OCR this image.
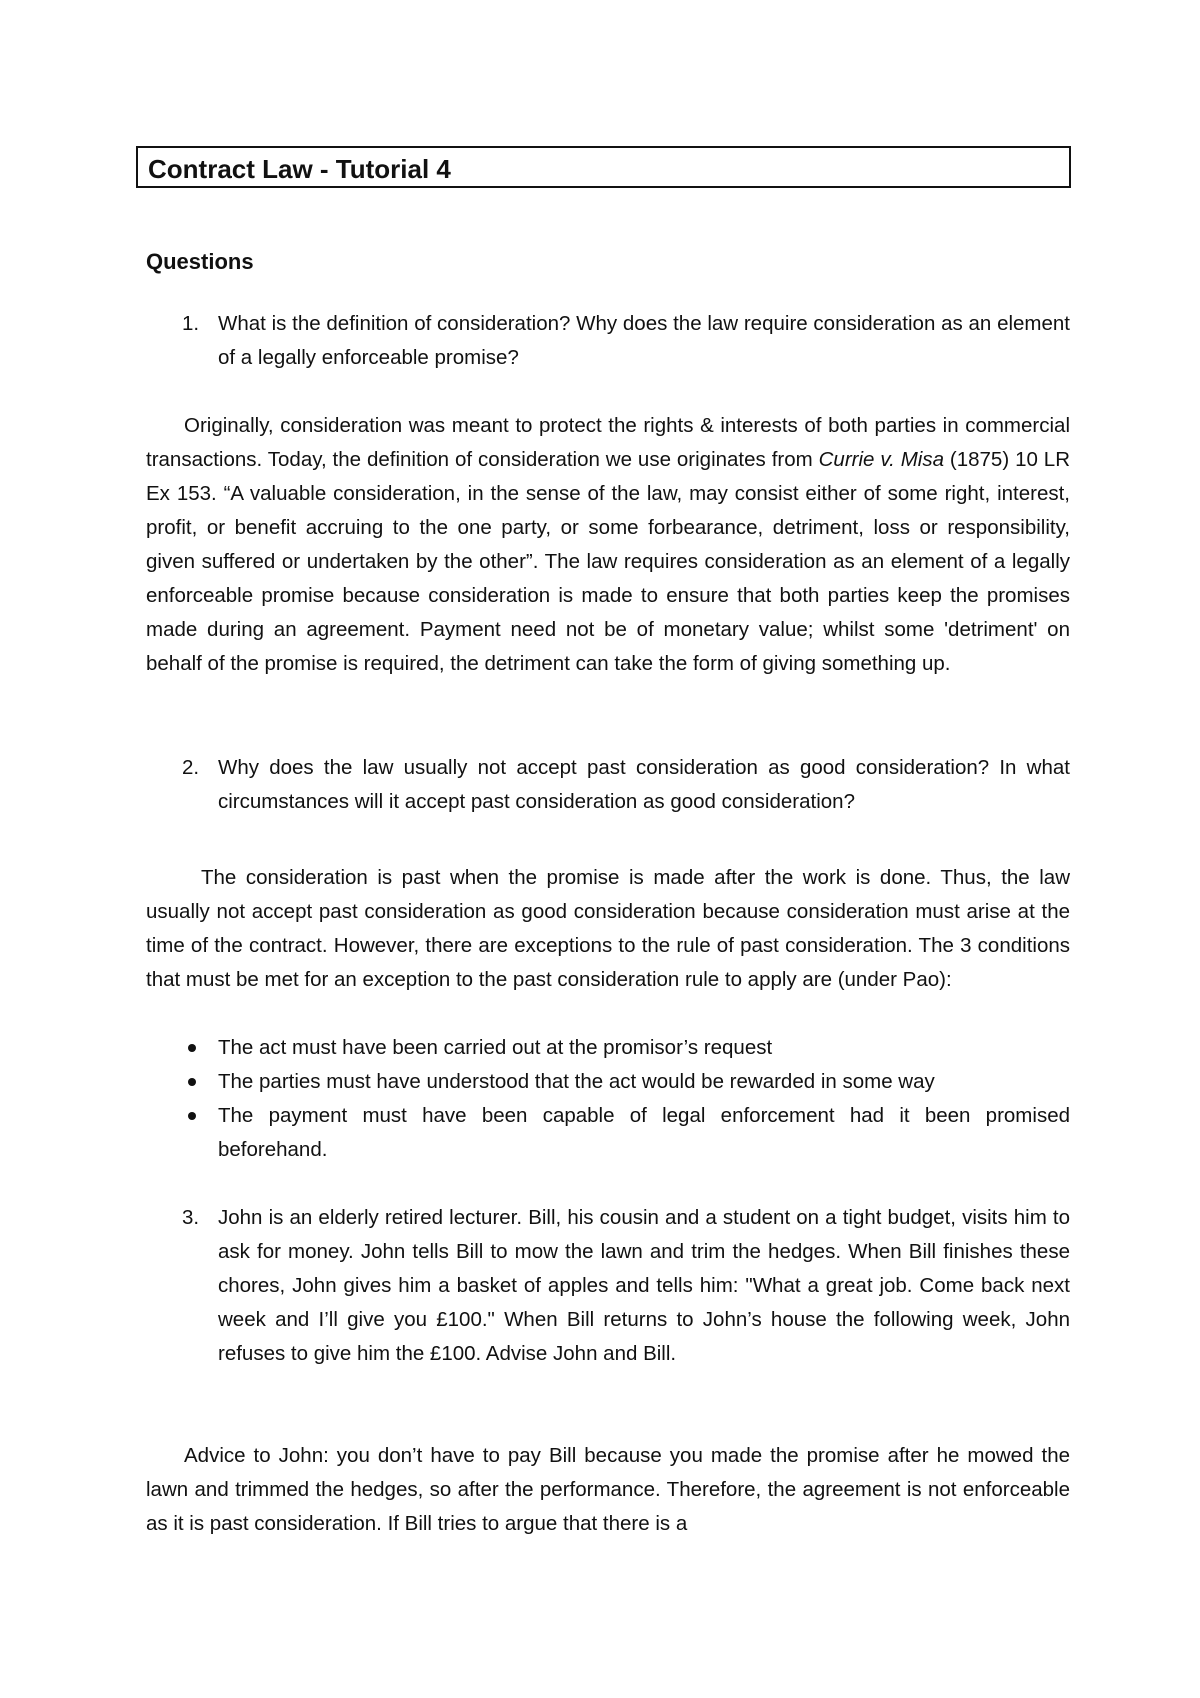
Contract Law - Tutorial 4
Questions
1. What is the definition of consideration? Why does the law require consideration as an element of a legally enforceable promise?
Originally, consideration was meant to protect the rights & interests of both parties in commercial transactions. Today, the definition of consideration we use originates from Currie v. Misa (1875) 10 LR Ex 153. “A valuable consideration, in the sense of the law, may consist either of some right, interest, profit, or benefit accruing to the one party, or some forbearance, detriment, loss or responsibility, given suffered or undertaken by the other”. The law requires consideration as an element of a legally enforceable promise because consideration is made to ensure that both parties keep the promises made during an agreement. Payment need not be of monetary value; whilst some 'detriment' on behalf of the promise is required, the detriment can take the form of giving something up.
2. Why does the law usually not accept past consideration as good consideration? In what circumstances will it accept past consideration as good consideration?
The consideration is past when the promise is made after the work is done. Thus, the law usually not accept past consideration as good consideration because consideration must arise at the time of the contract. However, there are exceptions to the rule of past consideration. The 3 conditions that must be met for an exception to the past consideration rule to apply are (under Pao):
The act must have been carried out at the promisor’s request
The parties must have understood that the act would be rewarded in some way
The payment must have been capable of legal enforcement had it been promised beforehand.
3. John is an elderly retired lecturer. Bill, his cousin and a student on a tight budget, visits him to ask for money. John tells Bill to mow the lawn and trim the hedges. When Bill finishes these chores, John gives him a basket of apples and tells him: "What a great job. Come back next week and I’ll give you £100." When Bill returns to John’s house the following week, John refuses to give him the £100. Advise John and Bill.
Advice to John: you don’t have to pay Bill because you made the promise after he mowed the lawn and trimmed the hedges, so after the performance. Therefore, the agreement is not enforceable as it is past consideration. If Bill tries to argue that there is a
